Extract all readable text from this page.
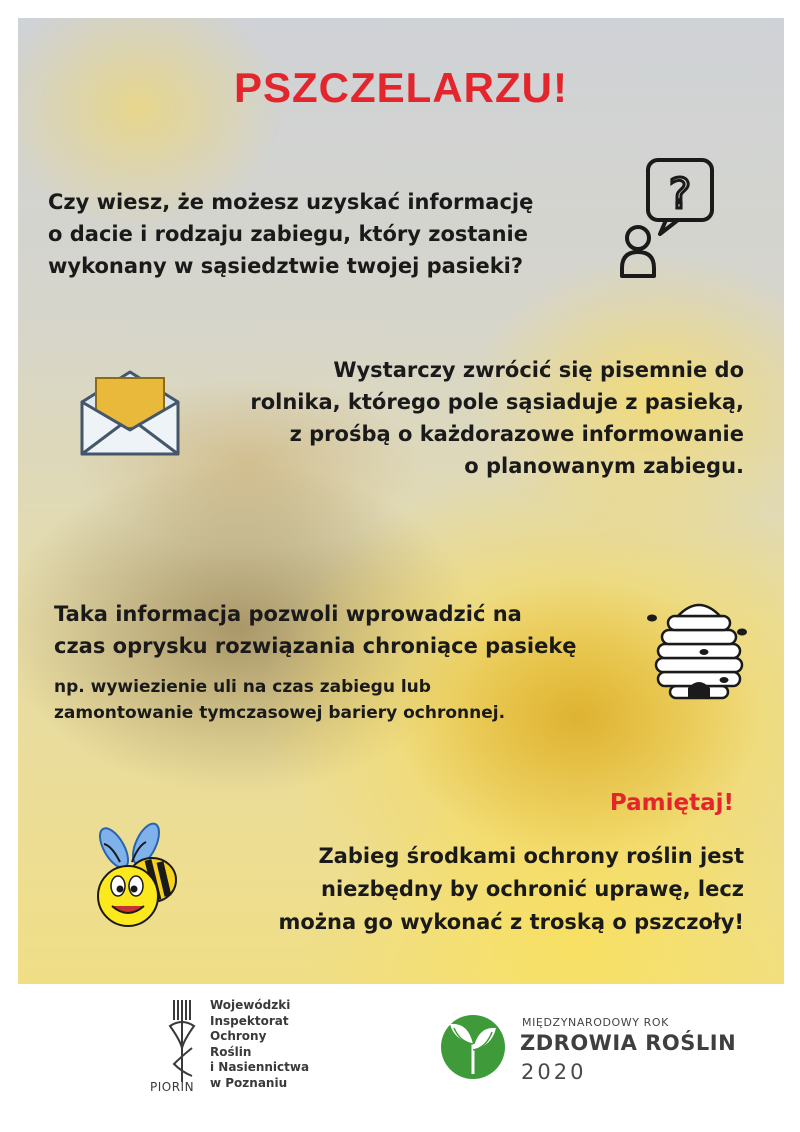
PSZCZELARZU!

Czy wiesz, że możesz uzyskać informację
o dacie i rodzaju zabiegu, który zostanie
wykonany w sąsiedztwie twojej pasieki?

?

Wystarczy zwrócić się pisemnie do
rolnika, którego pole sąsiaduje z pasieką,
z prośbą o każdorazowe informowanie
o planowanym zabiegu.

Taka informacja pozwoli wprowadzić na
czas oprysku rozwiązania chroniące pasiekę

np. wywiezienie uli na czas zabiegu lub
zamontowanie tymczasowej bariery ochronnej.

Pamiętaj!

Zabieg środkami ochrony roślin jest
niezbędny by ochronić uprawę, lecz
można go wykonać z troską o pszczoły!

Wojewódzki
Inspektorat
Ochrony
Roślin
i Nasiennictwa
w Poznaniu
PIORIN
MIĘDZYNARODOWY ROK
ZDROWIA ROŚLIN
2020
